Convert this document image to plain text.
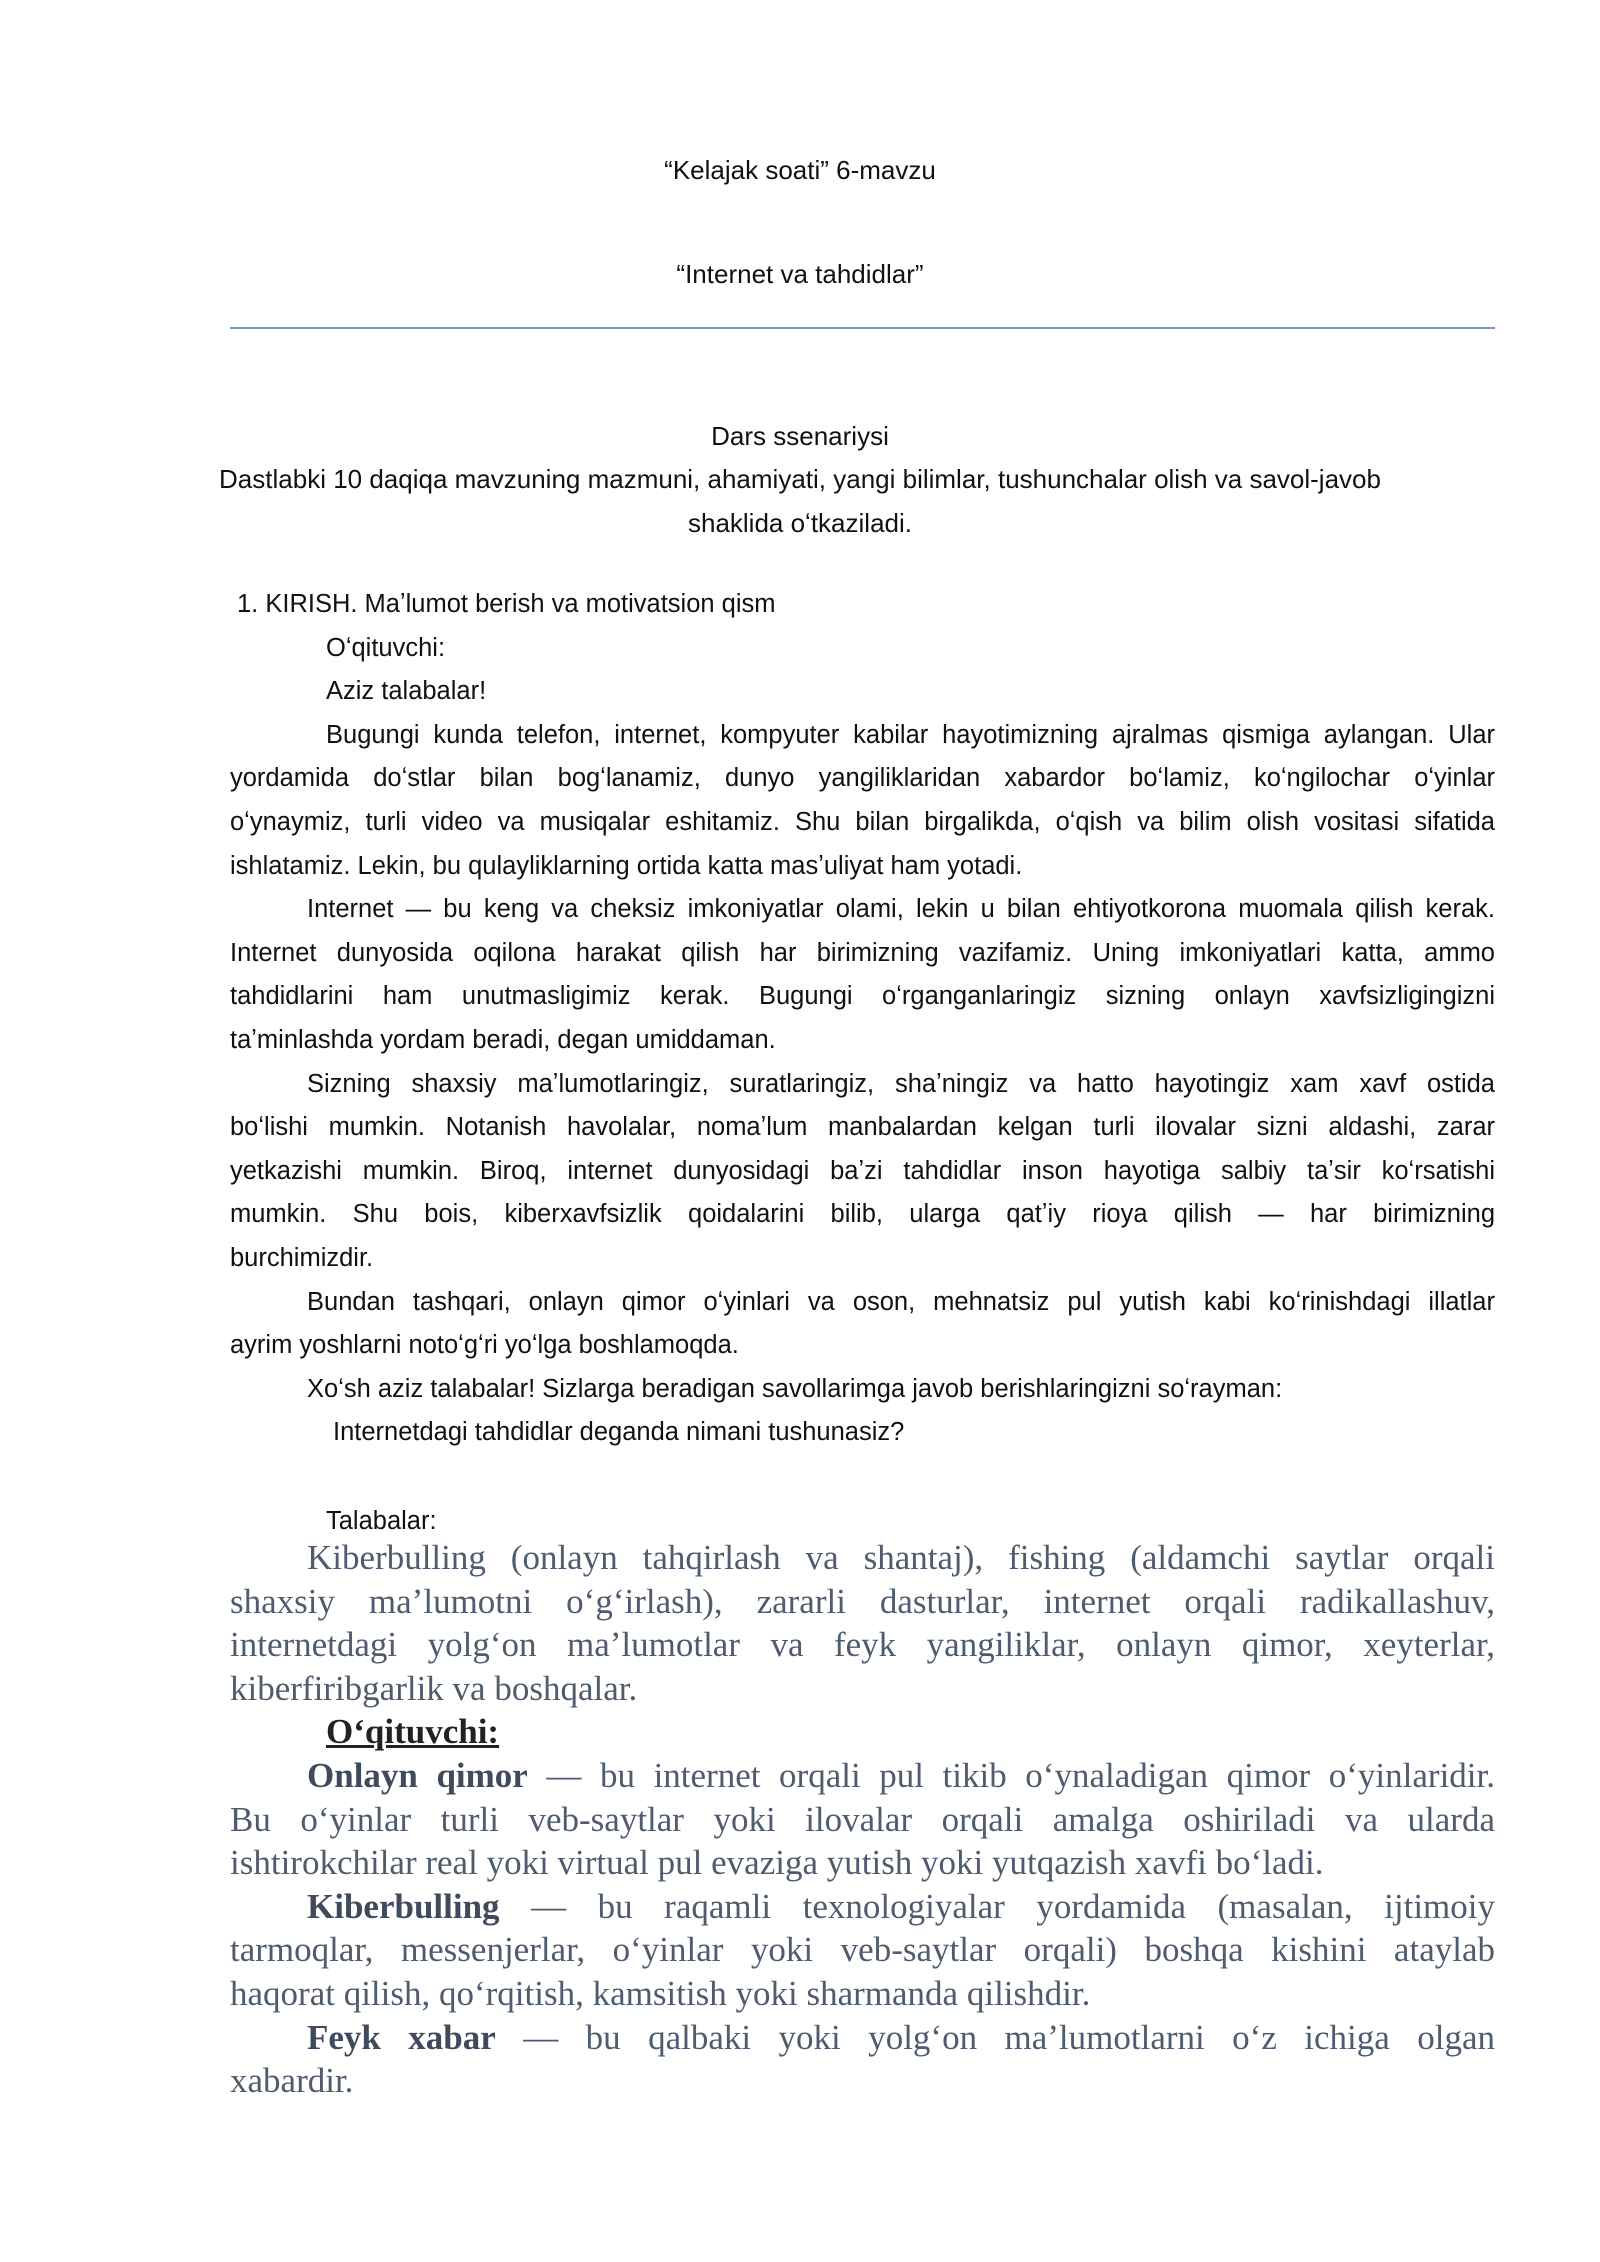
“Kelajak soati” 6-mavzu
“Internet va tahdidlar”
Dars ssenariysi
Dastlabki 10 daqiqa mavzuning mazmuni, ahamiyati, yangi bilimlar, tushunchalar olish va savol-javob
shaklida oʻtkaziladi.
1. KIRISH. Maʼlumot berish va motivatsion qism
Oʻqituvchi:
Aziz talabalar!
Bugungi kunda telefon, internet, kompyuter kabilar hayotimizning ajralmas qismiga aylangan. Ular
yordamida doʻstlar bilan bogʻlanamiz, dunyo yangiliklaridan xabardor boʻlamiz, koʻngilochar oʻyinlar
oʻynaymiz, turli video va musiqalar eshitamiz. Shu bilan birgalikda, oʻqish va bilim olish vositasi sifatida
ishlatamiz. Lekin, bu qulayliklarning ortida katta masʼuliyat ham yotadi.
Internet — bu keng va cheksiz imkoniyatlar olami, lekin u bilan ehtiyotkorona muomala qilish kerak.
Internet dunyosida oqilona harakat qilish har birimizning vazifamiz. Uning imkoniyatlari katta, ammo
tahdidlarini ham unutmasligimiz kerak. Bugungi oʻrganganlaringiz sizning onlayn xavfsizligingizni
taʼminlashda yordam beradi, degan umiddaman.
Sizning shaxsiy maʼlumotlaringiz, suratlaringiz, shaʼningiz va hatto hayotingiz xam xavf ostida
boʻlishi mumkin. Notanish havolalar, nomaʼlum manbalardan kelgan turli ilovalar sizni aldashi, zarar
yetkazishi mumkin. Biroq, internet dunyosidagi baʼzi tahdidlar inson hayotiga salbiy taʼsir koʻrsatishi
mumkin. Shu bois, kiberxavfsizlik qoidalarini bilib, ularga qatʼiy rioya qilish — har birimizning
burchimizdir.
Bundan tashqari, onlayn qimor oʻyinlari va oson, mehnatsiz pul yutish kabi koʻrinishdagi illatlar
ayrim yoshlarni notoʻgʻri yoʻlga boshlamoqda.
Xoʻsh aziz talabalar! Sizlarga beradigan savollarimga javob berishlaringizni soʻrayman:
Internetdagi tahdidlar deganda nimani tushunasiz?
Talabalar:
Kiberbulling (onlayn tahqirlash va shantaj), fishing (aldamchi saytlar orqali
shaxsiy maʼlumotni oʻgʻirlash), zararli dasturlar, internet orqali radikallashuv,
internetdagi yolgʻon maʼlumotlar va feyk yangiliklar, onlayn qimor, xeyterlar,
kiberfiribgarlik va boshqalar.
Oʻqituvchi:
Onlayn qimor — bu internet orqali pul tikib oʻynaladigan qimor oʻyinlaridir.
Bu oʻyinlar turli veb-saytlar yoki ilovalar orqali amalga oshiriladi va ularda
ishtirokchilar real yoki virtual pul evaziga yutish yoki yutqazish xavfi boʻladi.
Kiberbulling — bu raqamli texnologiyalar yordamida (masalan, ijtimoiy
tarmoqlar, messenjerlar, oʻyinlar yoki veb-saytlar orqali) boshqa kishini ataylab
haqorat qilish, qoʻrqitish, kamsitish yoki sharmanda qilishdir.
Feyk xabar — bu qalbaki yoki yolgʻon maʼlumotlarni oʻz ichiga olgan
xabardir.
